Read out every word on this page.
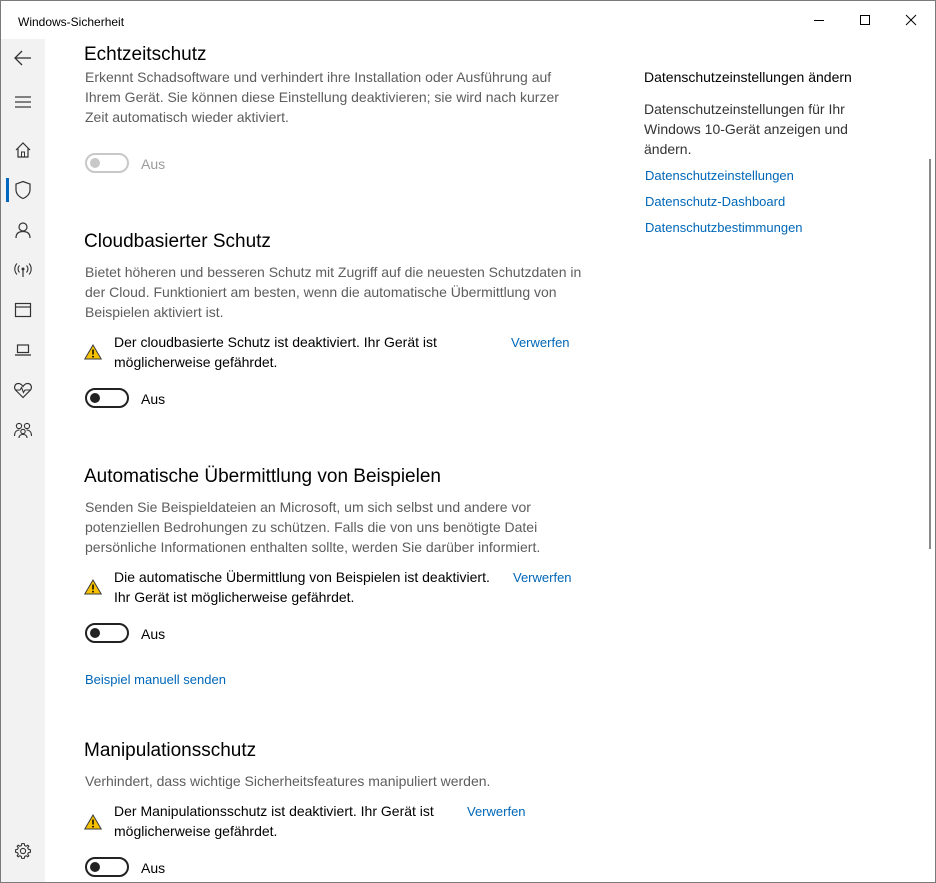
Windows-Sicherheit
Echtzeitschutz
Erkennt Schadsoftware und verhindert ihre Installation oder Ausführung auf Ihrem Gerät. Sie können diese Einstellung deaktivieren; sie wird nach kurzer Zeit automatisch wieder aktiviert.
Aus
Cloudbasierter Schutz
Bietet höheren und besseren Schutz mit Zugriff auf die neuesten Schutzdaten in der Cloud. Funktioniert am besten, wenn die automatische Übermittlung von Beispielen aktiviert ist.
Der cloudbasierte Schutz ist deaktiviert. Ihr Gerät ist möglicherweise gefährdet.
Verwerfen
Aus
Automatische Übermittlung von Beispielen
Senden Sie Beispieldateien an Microsoft, um sich selbst und andere vor potenziellen Bedrohungen zu schützen. Falls die von uns benötigte Datei persönliche Informationen enthalten sollte, werden Sie darüber informiert.
Die automatische Übermittlung von Beispielen ist deaktiviert. Ihr Gerät ist möglicherweise gefährdet.
Verwerfen
Aus
Beispiel manuell senden
Manipulationsschutz
Verhindert, dass wichtige Sicherheitsfeatures manipuliert werden.
Der Manipulationsschutz ist deaktiviert. Ihr Gerät ist möglicherweise gefährdet.
Verwerfen
Aus
Datenschutzeinstellungen ändern
Datenschutzeinstellungen für Ihr Windows 10-Gerät anzeigen und ändern.
Datenschutzeinstellungen
Datenschutz-Dashboard
Datenschutzbestimmungen
